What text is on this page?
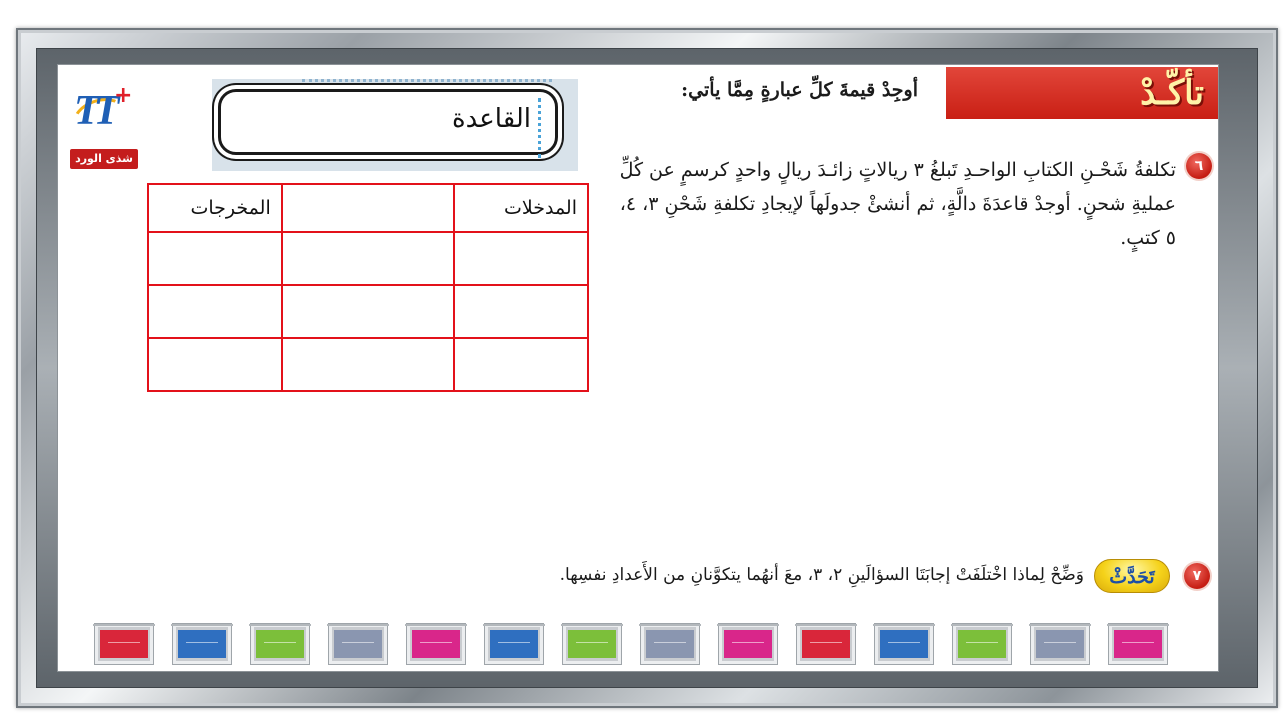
تأكّـدْ
أوجِدْ قيمةَ كلِّ عبارةٍ مِمَّا يأتي:
TT +
شذى الورد
القاعدة
المدخلات		المخرجات

٦
تكلفةُ شَحْـنِ الكتابِ الواحـدِ تَبلغُ ٣ ريالاتٍ زائـدَ ريالٍ واحدٍ كرسمٍ عن كُلِّ عمليةِ شحنٍ. أوجدْ قاعدَةَ دالَّةٍ، ثم أنشئْ جدولَهاً لإيجادِ تكلفةِ شَحْنِ ٣، ٤، ٥ كتبٍ.
٧
تَحَدَّثْ
وَضِّحْ لِماذا اخْتلَفَتْ إجابَتَا السؤالَينِ ٢، ٣، معَ أنهُما يتكوَّنانِ من الأَعدادِ نفسِها.
